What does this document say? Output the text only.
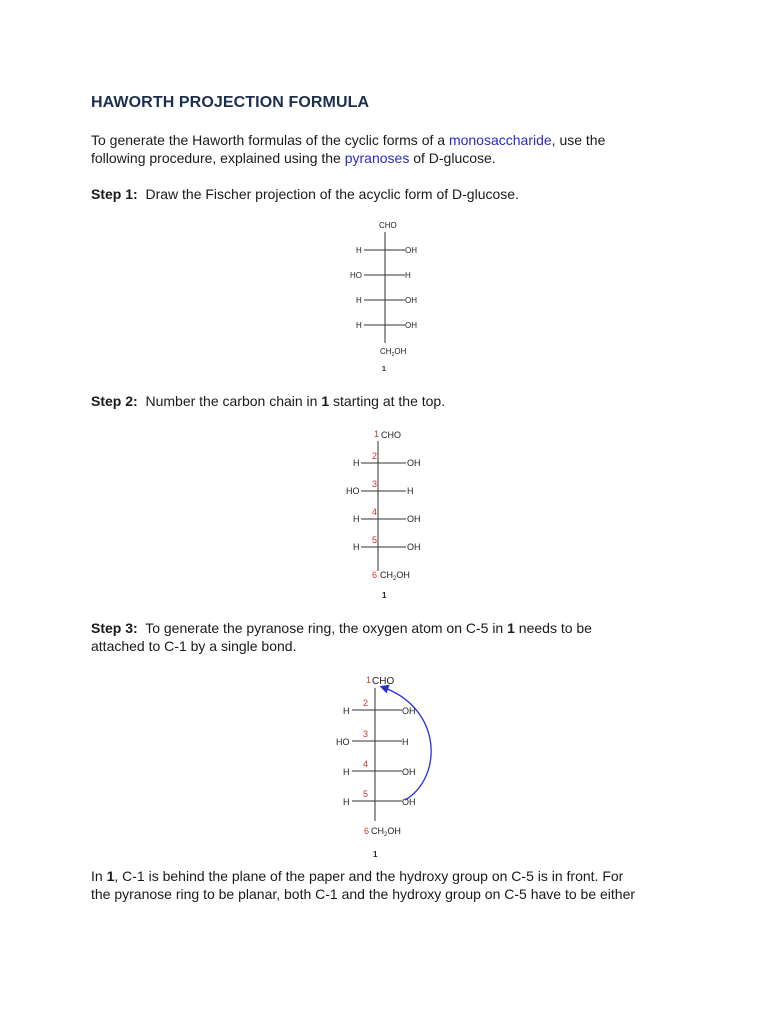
HAWORTH PROJECTION FORMULA

To generate the Haworth formulas of the cyclic forms of a monosaccharide, use the
following procedure, explained using the pyranoses of D-glucose.

Step 1: Draw the Fischer projection of the acyclic form of D-glucose.

CHO
H	OH
HO	H
H	OH
H	OH
$CH_2OH$
1

Step 2: Number the carbon chain in 1 starting at the top.

1 CHO
2
H	OH
3
HO	H
4
H	OH
5
H	OH
6 $CH_2OH$
1

Step 3: To generate the pyranose ring, the oxygen atom on C-5 in 1 needs to be
attached to C-1 by a single bond.

1 CHO
2
H	OH
3
HO	H
4
H	OH
5
H	OH
6 $CH_2OH$
1

In 1, C-1 is behind the plane of the paper and the hydroxy group on C-5 is in front. For
the pyranose ring to be planar, both C-1 and the hydroxy group on C-5 have to be either
